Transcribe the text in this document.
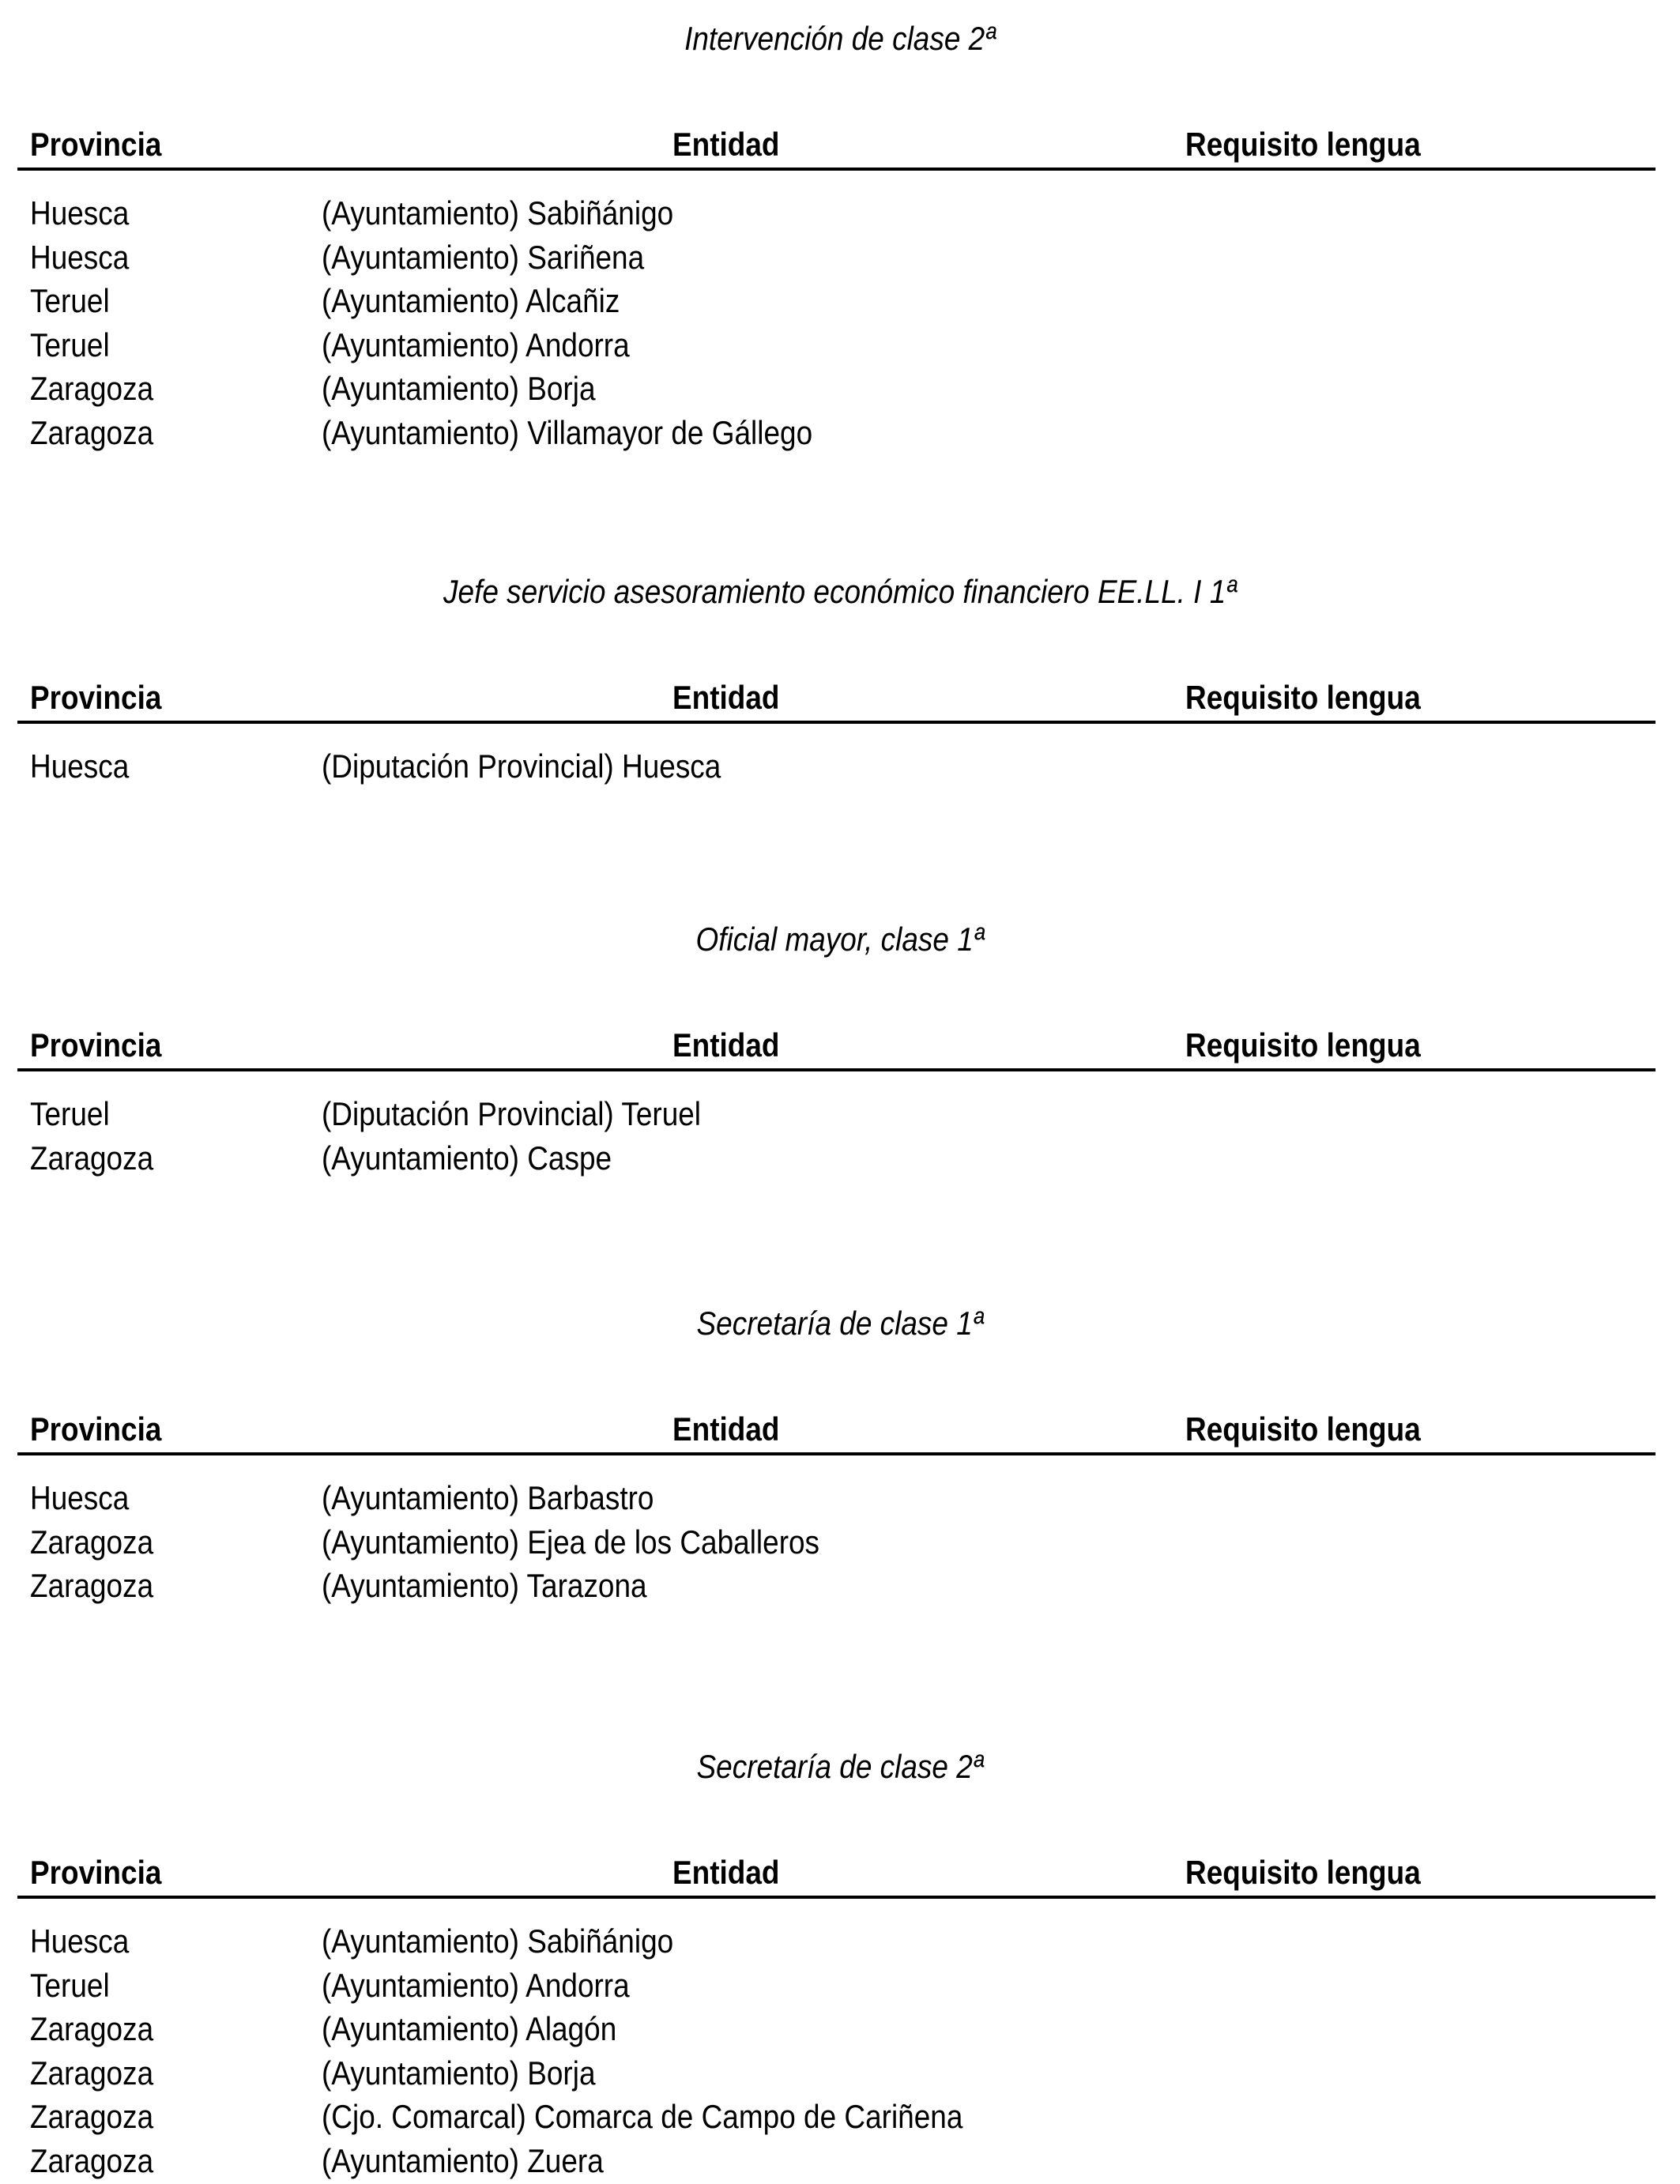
Intervención de clase 2ª
Provincia	Entidad	Requisito lengua
Huesca	(Ayuntamiento) Sabiñánigo
Huesca	(Ayuntamiento) Sariñena
Teruel	(Ayuntamiento) Alcañiz
Teruel	(Ayuntamiento) Andorra
Zaragoza	(Ayuntamiento) Borja
Zaragoza	(Ayuntamiento) Villamayor de Gállego
Jefe servicio asesoramiento económico financiero EE.LL. I 1ª
Provincia	Entidad	Requisito lengua
Huesca	(Diputación Provincial) Huesca
Oficial mayor, clase 1ª
Provincia	Entidad	Requisito lengua
Teruel	(Diputación Provincial) Teruel
Zaragoza	(Ayuntamiento) Caspe
Secretaría de clase 1ª
Provincia	Entidad	Requisito lengua
Huesca	(Ayuntamiento) Barbastro
Zaragoza	(Ayuntamiento) Ejea de los Caballeros
Zaragoza	(Ayuntamiento) Tarazona
Secretaría de clase 2ª
Provincia	Entidad	Requisito lengua
Huesca	(Ayuntamiento) Sabiñánigo
Teruel	(Ayuntamiento) Andorra
Zaragoza	(Ayuntamiento) Alagón
Zaragoza	(Ayuntamiento) Borja
Zaragoza	(Cjo. Comarcal) Comarca de Campo de Cariñena
Zaragoza	(Ayuntamiento) Zuera
